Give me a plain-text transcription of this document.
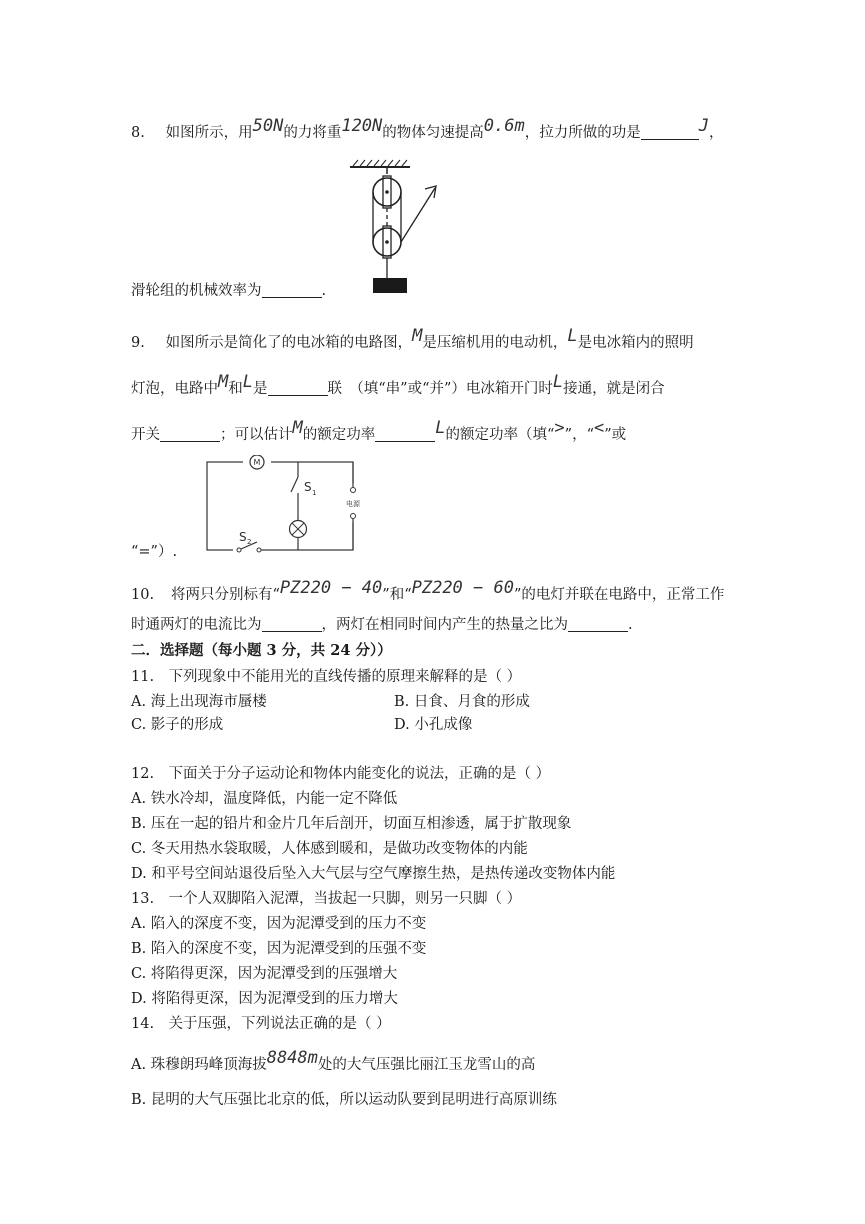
8. 如图所示，用50N的力将重120N的物体匀速提高0.6m，拉力所做的功是	J，
滑轮组的机械效率为	.
9. 如图所示是简化了的电冰箱的电路图，M是压缩机用的电动机，L是电冰箱内的照明
灯泡，电路中M和L是	联　（填“串”或“并”）电冰箱开门时L接通，就是闭合
开关	；可以估计M的额定功率	L的额定功率（填“>”，“<”或
M
S 1
电源
S 2
“=”）.
10. 将两只分别标有“PZ220 − 40”和“PZ220 − 60”的电灯并联在电路中，正常工作
时通两灯的电流比为	，两灯在相同时间内产生的热量之比为	.
二．选择题（每小题 3 分，共 24 分））
11.　下列现象中不能用光的直线传播的原理来解释的是（ ）
A. 海上出现海市蜃楼	B. 日食、月食的形成
C. 影子的形成	D. 小孔成像
12.　下面关于分子运动论和物体内能变化的说法，正确的是（ ）
A. 铁水冷却，温度降低，内能一定不降低
B. 压在一起的铅片和金片几年后剖开，切面互相渗透，属于扩散现象
C. 冬天用热水袋取暖，人体感到暖和，是做功改变物体的内能
D. 和平号空间站退役后坠入大气层与空气摩擦生热，是热传递改变物体内能
13.　一个人双脚陷入泥潭，当拔起一只脚，则另一只脚（ ）
A. 陷入的深度不变，因为泥潭受到的压力不变
B. 陷入的深度不变，因为泥潭受到的压强不变
C. 将陷得更深，因为泥潭受到的压强增大
D. 将陷得更深，因为泥潭受到的压力增大
14.　关于压强，下列说法正确的是（ ）
A. 珠穆朗玛峰顶海拔8848m处的大气压强比丽江玉龙雪山的高
B. 昆明的大气压强比北京的低，所以运动队要到昆明进行高原训练
